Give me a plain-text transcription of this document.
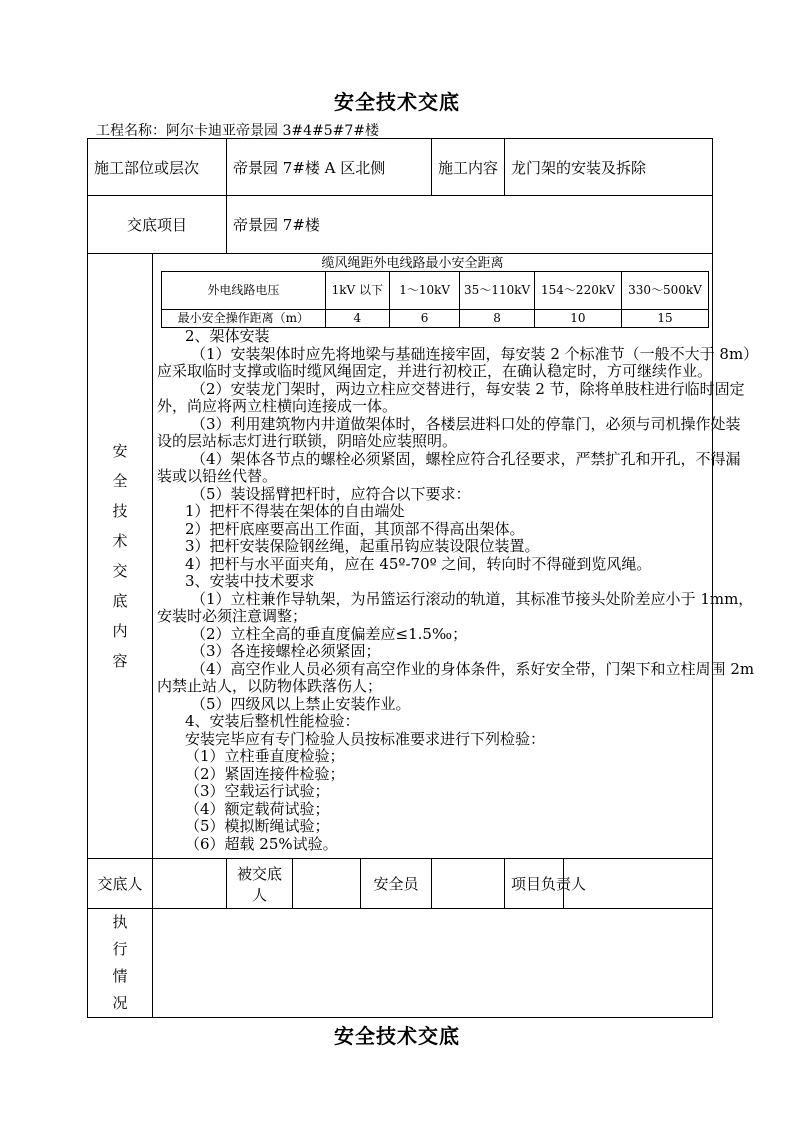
安全技术交底
工程名称：阿尔卡迪亚帝景园 3#4#5#7#楼
施工部位或层次	帝景园 7#楼 A 区北侧	施工内容	龙门架的安装及拆除
交底项目	帝景园 7#楼

安
全
技
术
交
底
内
容

缆风绳距外电线路最小安全距离
外电线路电压	1kV 以下	1～10kV	35～110kV	154～220kV	330～500kV
最小安全操作距离（m）	4	6	8	10	15
2、架体安装
（1）安装架体时应先将地梁与基础连接牢固，每安装 2 个标准节（一般不大于 8m）
应采取临时支撑或临时缆风绳固定，并进行初校正，在确认稳定时，方可继续作业。
（2）安装龙门架时，两边立柱应交替进行，每安装 2 节，除将单肢柱进行临时固定
外，尚应将两立柱横向连接成一体。
（3）利用建筑物内井道做架体时，各楼层进料口处的停靠门，必须与司机操作处装
设的层站标志灯进行联锁，阴暗处应装照明。
（4）架体各节点的螺栓必须紧固，螺栓应符合孔径要求，严禁扩孔和开孔，不得漏
装或以铅丝代替。
（5）装设摇臂把杆时，应符合以下要求：
1）把杆不得装在架体的自由端处
2）把杆底座要高出工作面，其顶部不得高出架体。
3）把杆安装保险钢丝绳，起重吊钩应装设限位装置。
4）把杆与水平面夹角，应在 45º-70º 之间，转向时不得碰到览风绳。
3、安装中技术要求
（1）立柱兼作导轨架，为吊篮运行滚动的轨道，其标准节接头处阶差应小于 1mm，
安装时必须注意调整；
（2）立柱全高的垂直度偏差应≤1.5‰；
（3）各连接螺栓必须紧固；
（4）高空作业人员必须有高空作业的身体条件，系好安全带，门架下和立柱周围 2m
内禁止站人，以防物体跌落伤人；
（5）四级风以上禁止安装作业。
4、安装后整机性能检验：
安装完毕应有专门检验人员按标准要求进行下列检验：
（1）立柱垂直度检验；
（2）紧固连接件检验；
（3）空载运行试验；
（4）额定载荷试验；
（5）模拟断绳试验；
（6）超载 25%试验。

交底人		被交底人		安全员		项目负责人	

执
行
情
况

安全技术交底
